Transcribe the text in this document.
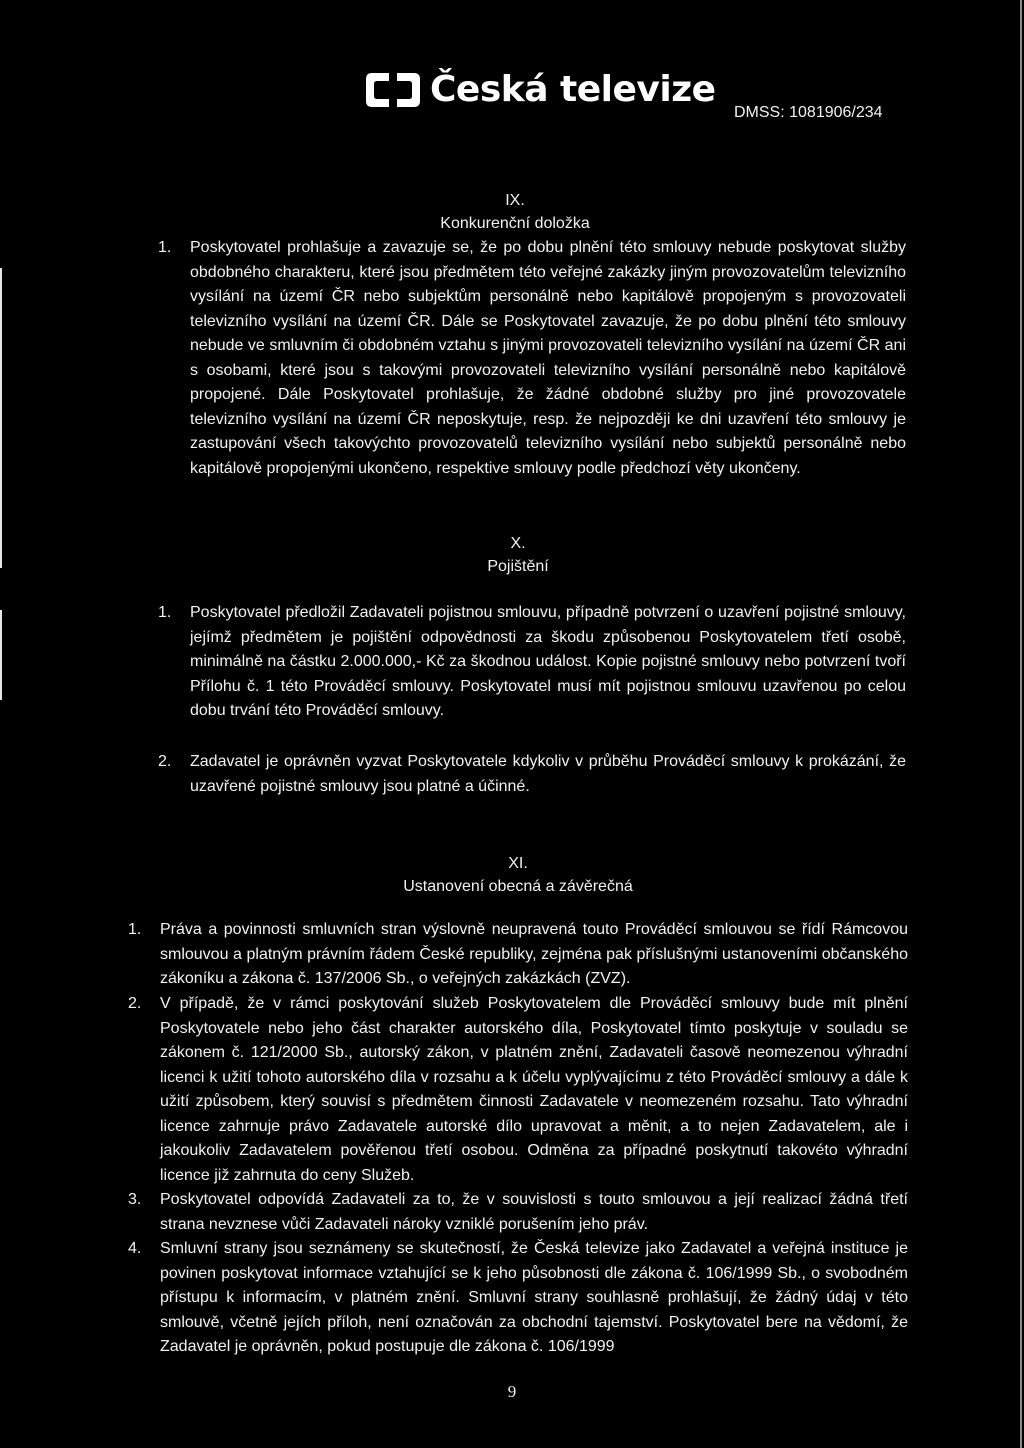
Česká televize
DMSS: 1081906/234
IX.
Konkurenční doložka
1. Poskytovatel prohlašuje a zavazuje se, že po dobu plnění této smlouvy nebude poskytovat služby obdobného charakteru, které jsou předmětem této veřejné zakázky jiným provozovatelům televizního vysílání na území ČR nebo subjektům personálně nebo kapitálově propojeným s provozovateli televizního vysílání na území ČR. Dále se Poskytovatel zavazuje, že po dobu plnění této smlouvy nebude ve smluvním či obdobném vztahu s jinými provozovateli televizního vysílání na území ČR ani s osobami, které jsou s takovými provozovateli televizního vysílání personálně nebo kapitálově propojené. Dále Poskytovatel prohlašuje, že žádné obdobné služby pro jiné provozovatele televizního vysílání na území ČR neposkytuje, resp. že nejpozději ke dni uzavření této smlouvy je zastupování všech takovýchto provozovatelů televizního vysílání nebo subjektů personálně nebo kapitálově propojenými ukončeno, respektive smlouvy podle předchozí věty ukončeny.

X.
Pojištění
1. Poskytovatel předložil Zadavateli pojistnou smlouvu, případně potvrzení o uzavření pojistné smlouvy, jejímž předmětem je pojištění odpovědnosti za škodu způsobenou Poskytovatelem třetí osobě, minimálně na částku 2.000.000,- Kč za škodnou událost. Kopie pojistné smlouvy nebo potvrzení tvoří Přílohu č. 1 této Prováděcí smlouvy. Poskytovatel musí mít pojistnou smlouvu uzavřenou po celou dobu trvání této Prováděcí smlouvy.

2. Zadavatel je oprávněn vyzvat Poskytovatele kdykoliv v průběhu Prováděcí smlouvy k prokázání, že uzavřené pojistné smlouvy jsou platné a účinné.

XI.
Ustanovení obecná a závěrečná
1. Práva a povinnosti smluvních stran výslovně neupravená touto Prováděcí smlouvou se řídí Rámcovou smlouvou a platným právním řádem České republiky, zejména pak příslušnými ustanoveními občanského zákoníku a zákona č. 137/2006 Sb., o veřejných zakázkách (ZVZ).

2. V případě, že v rámci poskytování služeb Poskytovatelem dle Prováděcí smlouvy bude mít plnění Poskytovatele nebo jeho část charakter autorského díla, Poskytovatel tímto poskytuje v souladu se zákonem č. 121/2000 Sb., autorský zákon, v platném znění, Zadavateli časově neomezenou výhradní licenci k užití tohoto autorského díla v rozsahu a k účelu vyplývajícímu z této Prováděcí smlouvy a dále k užití způsobem, který souvisí s předmětem činnosti Zadavatele v neomezeném rozsahu. Tato výhradní licence zahrnuje právo Zadavatele autorské dílo upravovat a měnit, a to nejen Zadavatelem, ale i jakoukoliv Zadavatelem pověřenou třetí osobou. Odměna za případné poskytnutí takovéto výhradní licence již zahrnuta do ceny Služeb.

3. Poskytovatel odpovídá Zadavateli za to, že v souvislosti s touto smlouvou a její realizací žádná třetí strana nevznese vůči Zadavateli nároky vzniklé porušením jeho práv.

4. Smluvní strany jsou seznámeny se skutečností, že Česká televize jako Zadavatel a veřejná instituce je povinen poskytovat informace vztahující se k jeho působnosti dle zákona č. 106/1999 Sb., o svobodném přístupu k informacím, v platném znění. Smluvní strany souhlasně prohlašují, že žádný údaj v této smlouvě, včetně jejích příloh, není označován za obchodní tajemství. Poskytovatel bere na vědomí, že Zadavatel je oprávněn, pokud postupuje dle zákona č. 106/1999

9
